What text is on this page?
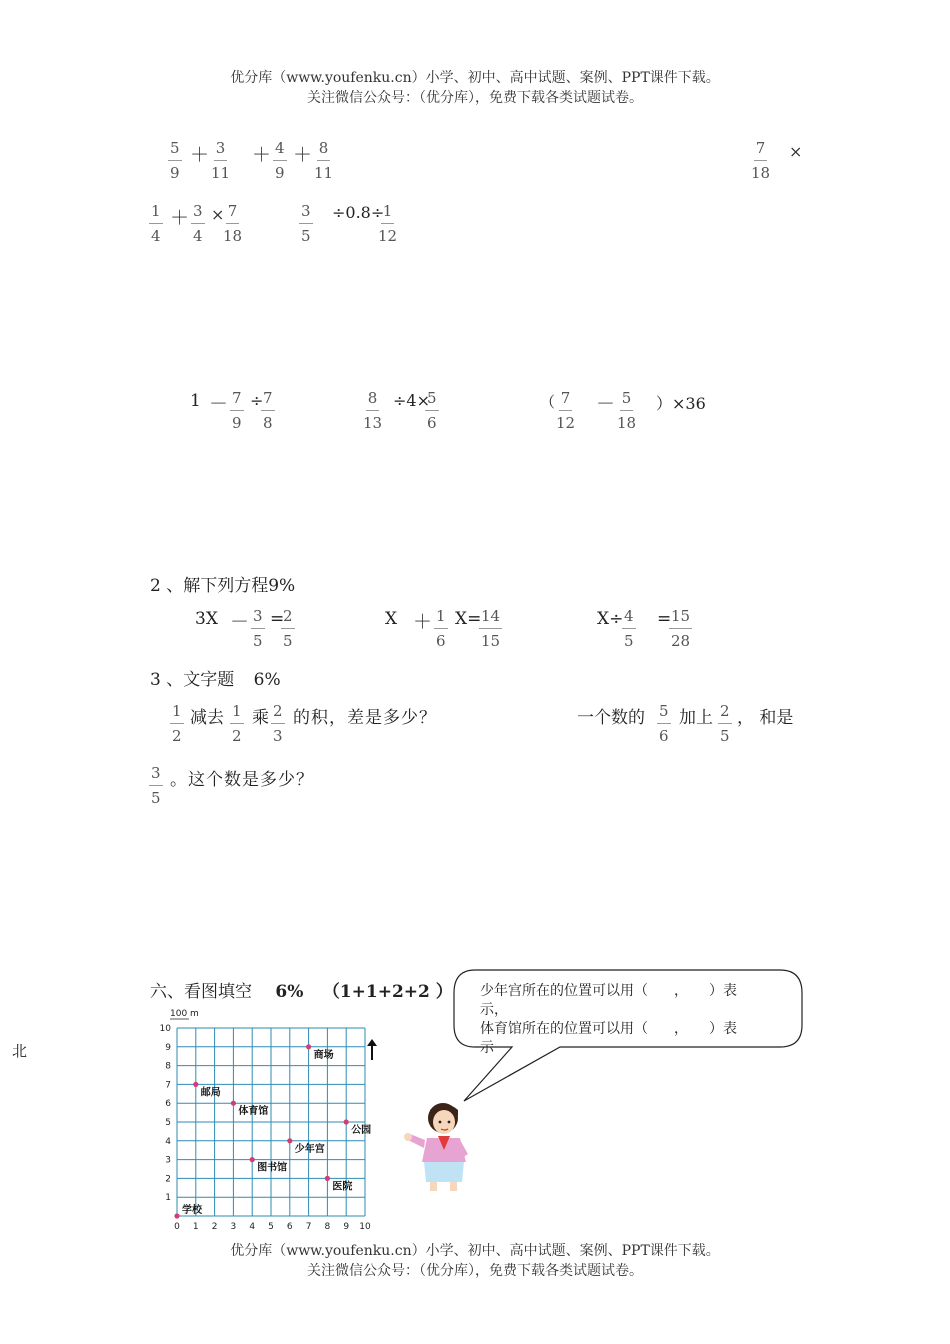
优分库（www.youfenku.cn）小学、初中、高中试题、案例、PPT课件下载。
关注微信公众号：（优分库），免费下载各类试题试卷。
$\frac{5}{9} + \frac{3}{11} + \frac{4}{9} + \frac{8}{11}$	$\frac{7}{18}$ ×
$\frac{1}{4} + \frac{3}{4}$ ×
$\frac{7}{18}$	$\frac{3}{5} \div 0.8\div$
$\frac{1}{12}$
$1 - \frac{7}{9}$ ÷
$\frac{7}{8}$	$\frac{8}{13} \div 4\times$
$\frac{5}{6}$	（ $\frac{7}{12} - \frac{5}{18} )\times 36$
2 、解下列方程9%
$3X - \frac{3}{5}$ =
$\frac{2}{5}$	$X + \frac{1}{6} X=$
$\frac{14}{15}$	X÷
$\frac{4}{5}$ =
$\frac{15}{28}$
3 、文字题 6%
$\frac{1}{2}$ 减去 $\frac{1}{2}$ 乘 $\frac{2}{3}$ 的积，差是多少？	一个数的 $\frac{5}{6}$ 加上 $\frac{2}{5}$ ， 和是
$\frac{3}{5}$ 。这个数是多少？
六、看图填空 6% （1+1+2+2 ）
北
少年宫所在的位置可以用（ ， ）表
示，
体育馆所在的位置可以用（ ， ）表
示
0 1 2 3 4 5 6 7 8 9 10
1
2
3
4
5
6
7
8
9
10
学校
邮局
体育馆
商场
公园
少年宫
图书馆
医院
100 m
优分库（www.youfenku.cn）小学、初中、高中试题、案例、PPT课件下载。
关注微信公众号：（优分库），免费下载各类试题试卷。
